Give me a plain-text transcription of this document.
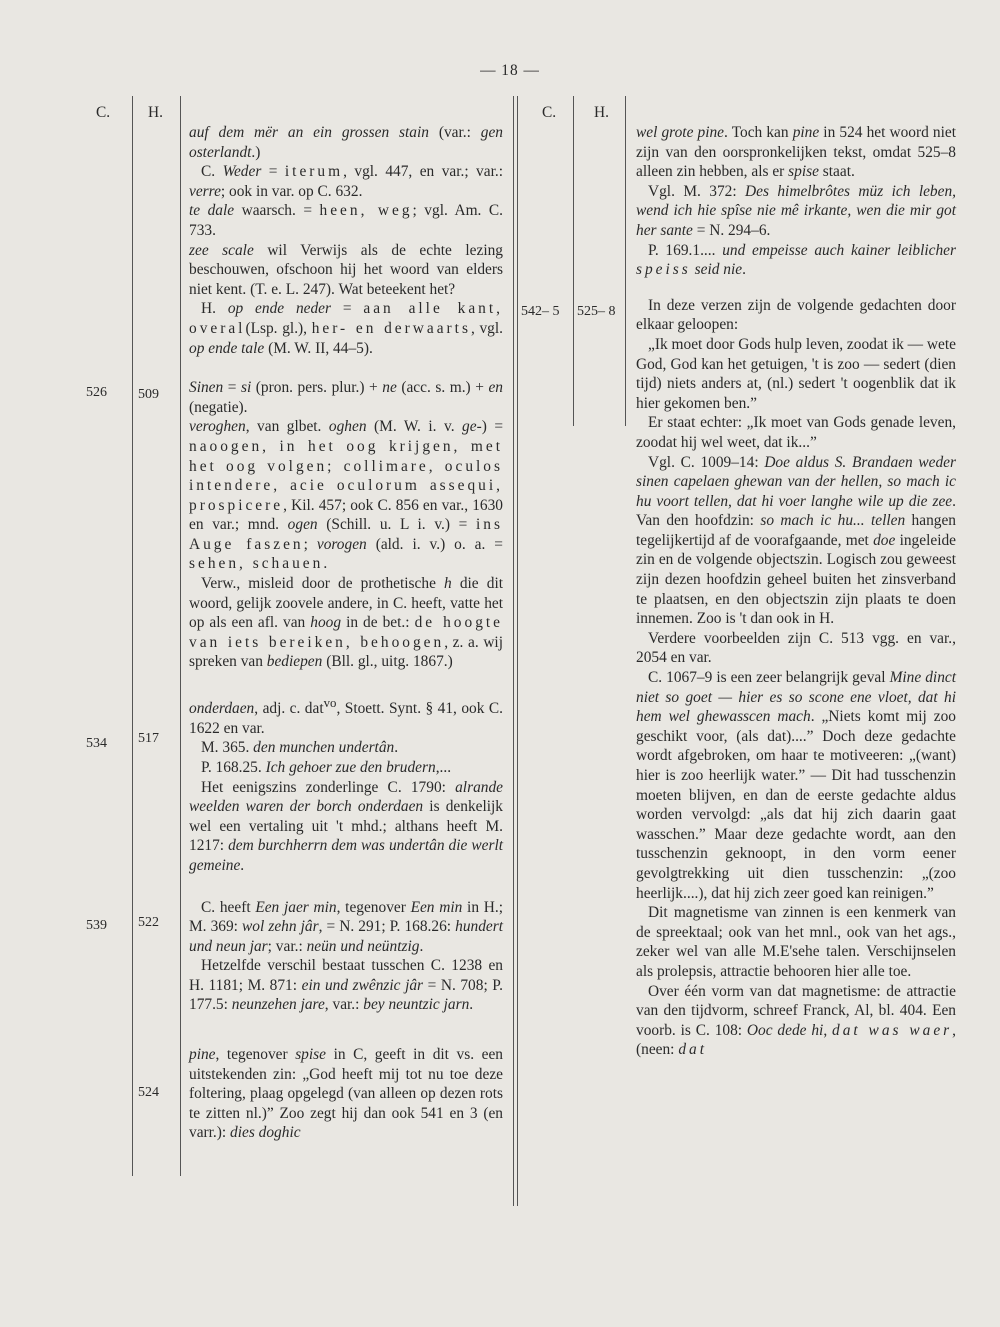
— 18 —
C. H.	C. H.
526 509
534 517
539 522
524
542– 5 525– 8

auf dem mër an ein grossen stain (var.: gen osterlandt.)

C. Weder = iterum, vgl. 447, en var.; var.: verre; ook in var. op C. 632.

te dale waarsch. = heen, weg; vgl. Am. C. 733.

zee scale wil Verwijs als de echte lezing beschouwen, ofschoon hij het woord van elders niet kent. (T. e. L. 247). Wat beteekent het?

H. op ende neder = aan alle kant, overal(Lsp. gl.), her- en derwaarts, vgl. op ende tale (M. W. II, 44–5).

Sinen = si (pron. pers. plur.) + ne (acc. s. m.) + en (negatie).

veroghen, van glbet. oghen (M. W. i. v. ge-) = naoogen, in het oog krijgen, met het oog volgen; collimare, oculos intendere, acie oculorum assequi, prospicere, Kil. 457; ook C. 856 en var., 1630 en var.; mnd. ogen (Schill. u. L i. v.) = ins Auge faszen; vorogen (ald. i. v.) o. a. = sehen, schauen.

Verw., misleid door de prothetische h die dit woord, gelijk zoovele andere, in C. heeft, vatte het op als een afl. van hoog in de bet.: de hoogte van iets bereiken, behoogen, z. a. wij spreken van bediepen (Bll. gl., uitg. 1867.)

onderdaen, adj. c. dat$^{vo}$, Stoett. Synt. § 41, ook C. 1622 en var.

M. 365. den munchen undertân.

P. 168.25. Ich gehoer zue den brudern,...

Het eenigszins zonderlinge C. 1790: alrande weelden waren der borch onderdaen is denkelijk wel een vertaling uit 't mhd.; althans heeft M. 1217: dem burchherrn dem was undertân die werlt gemeine.

C. heeft Een jaer min, tegenover Een min in H.; M. 369: wol zehn jâr, = N. 291; P. 168.26: hundert und neun jar; var.: neün und neüntzig.

Hetzelfde verschil bestaat tusschen C. 1238 en H. 1181; M. 871: ein und zwênzic jâr = N. 708; P. 177.5: neunzehen jare, var.: bey neuntzic jarn.

pine, tegenover spise in C, geeft in dit vs. een uitstekenden zin: „God heeft mij tot nu toe deze foltering, plaag opgelegd (van alleen op dezen rots te zitten nl.)” Zoo zegt hij dan ook 541 en 3 (en varr.): dies doghic

wel grote pine. Toch kan pine in 524 het woord niet zijn van den oorspronkelijken tekst, omdat 525–8 alleen zin hebben, als er spise staat.

Vgl. M. 372: Des himelbrôtes müz ich leben, wend ich hie spîse nie mê irkante, wen die mir got her sante = N. 294–6.

P. 169.1.... und empeisse auch kainer leiblicher speiss seid nie.

In deze verzen zijn de volgende gedachten door elkaar geloopen:

„Ik moet door Gods hulp leven, zoodat ik — wete God, God kan het getuigen, 't is zoo — sedert (dien tijd) niets anders at, (nl.) sedert 't oogenblik dat ik hier gekomen ben.”

Er staat echter: „Ik moet van Gods genade leven, zoodat hij wel weet, dat ik...”

Vgl. C. 1009–14: Doe aldus S. Brandaen weder sinen capelaen ghewan van der hellen, so mach ic hu voort tellen, dat hi voer langhe wile up die zee. Van den hoofdzin: so mach ic hu... tellen hangen tegelijkertijd af de voorafgaande, met doe ingeleide zin en de volgende objectszin. Logisch zou geweest zijn dezen hoofdzin geheel buiten het zinsverband te plaatsen, en den objectszin zijn plaats te doen innemen. Zoo is 't dan ook in H.

Verdere voorbeelden zijn C. 513 vgg. en var., 2054 en var.

C. 1067–9 is een zeer belangrijk geval Mine dinct niet so goet — hier es so scone ene vloet, dat hi hem wel ghewasscen mach. „Niets komt mij zoo geschikt voor, (als dat)....” Doch deze gedachte wordt afgebroken, om haar te motiveeren: „(want) hier is zoo heerlijk water.” — Dit had tusschenzin moeten blijven, en dan de eerste gedachte aldus worden vervolgd: „als dat hij zich daarin gaat wasschen.” Maar deze gedachte wordt, aan den tusschenzin geknoopt, in den vorm eener gevolgtrekking uit dien tusschenzin: „(zoo heerlijk....), dat hij zich zeer goed kan reinigen.”

Dit magnetisme van zinnen is een kenmerk van de spreektaal; ook van het mnl., ook van het ags., zeker wel van alle M.E'sehe talen. Verschijnselen als prolepsis, attractie behooren hier alle toe.

Over één vorm van dat magnetisme: de attractie van den tijdvorm, schreef Franck, Al, bl. 404. Een voorb. is C. 108: Ooc dede hi, dat was waer, (neen: dat
